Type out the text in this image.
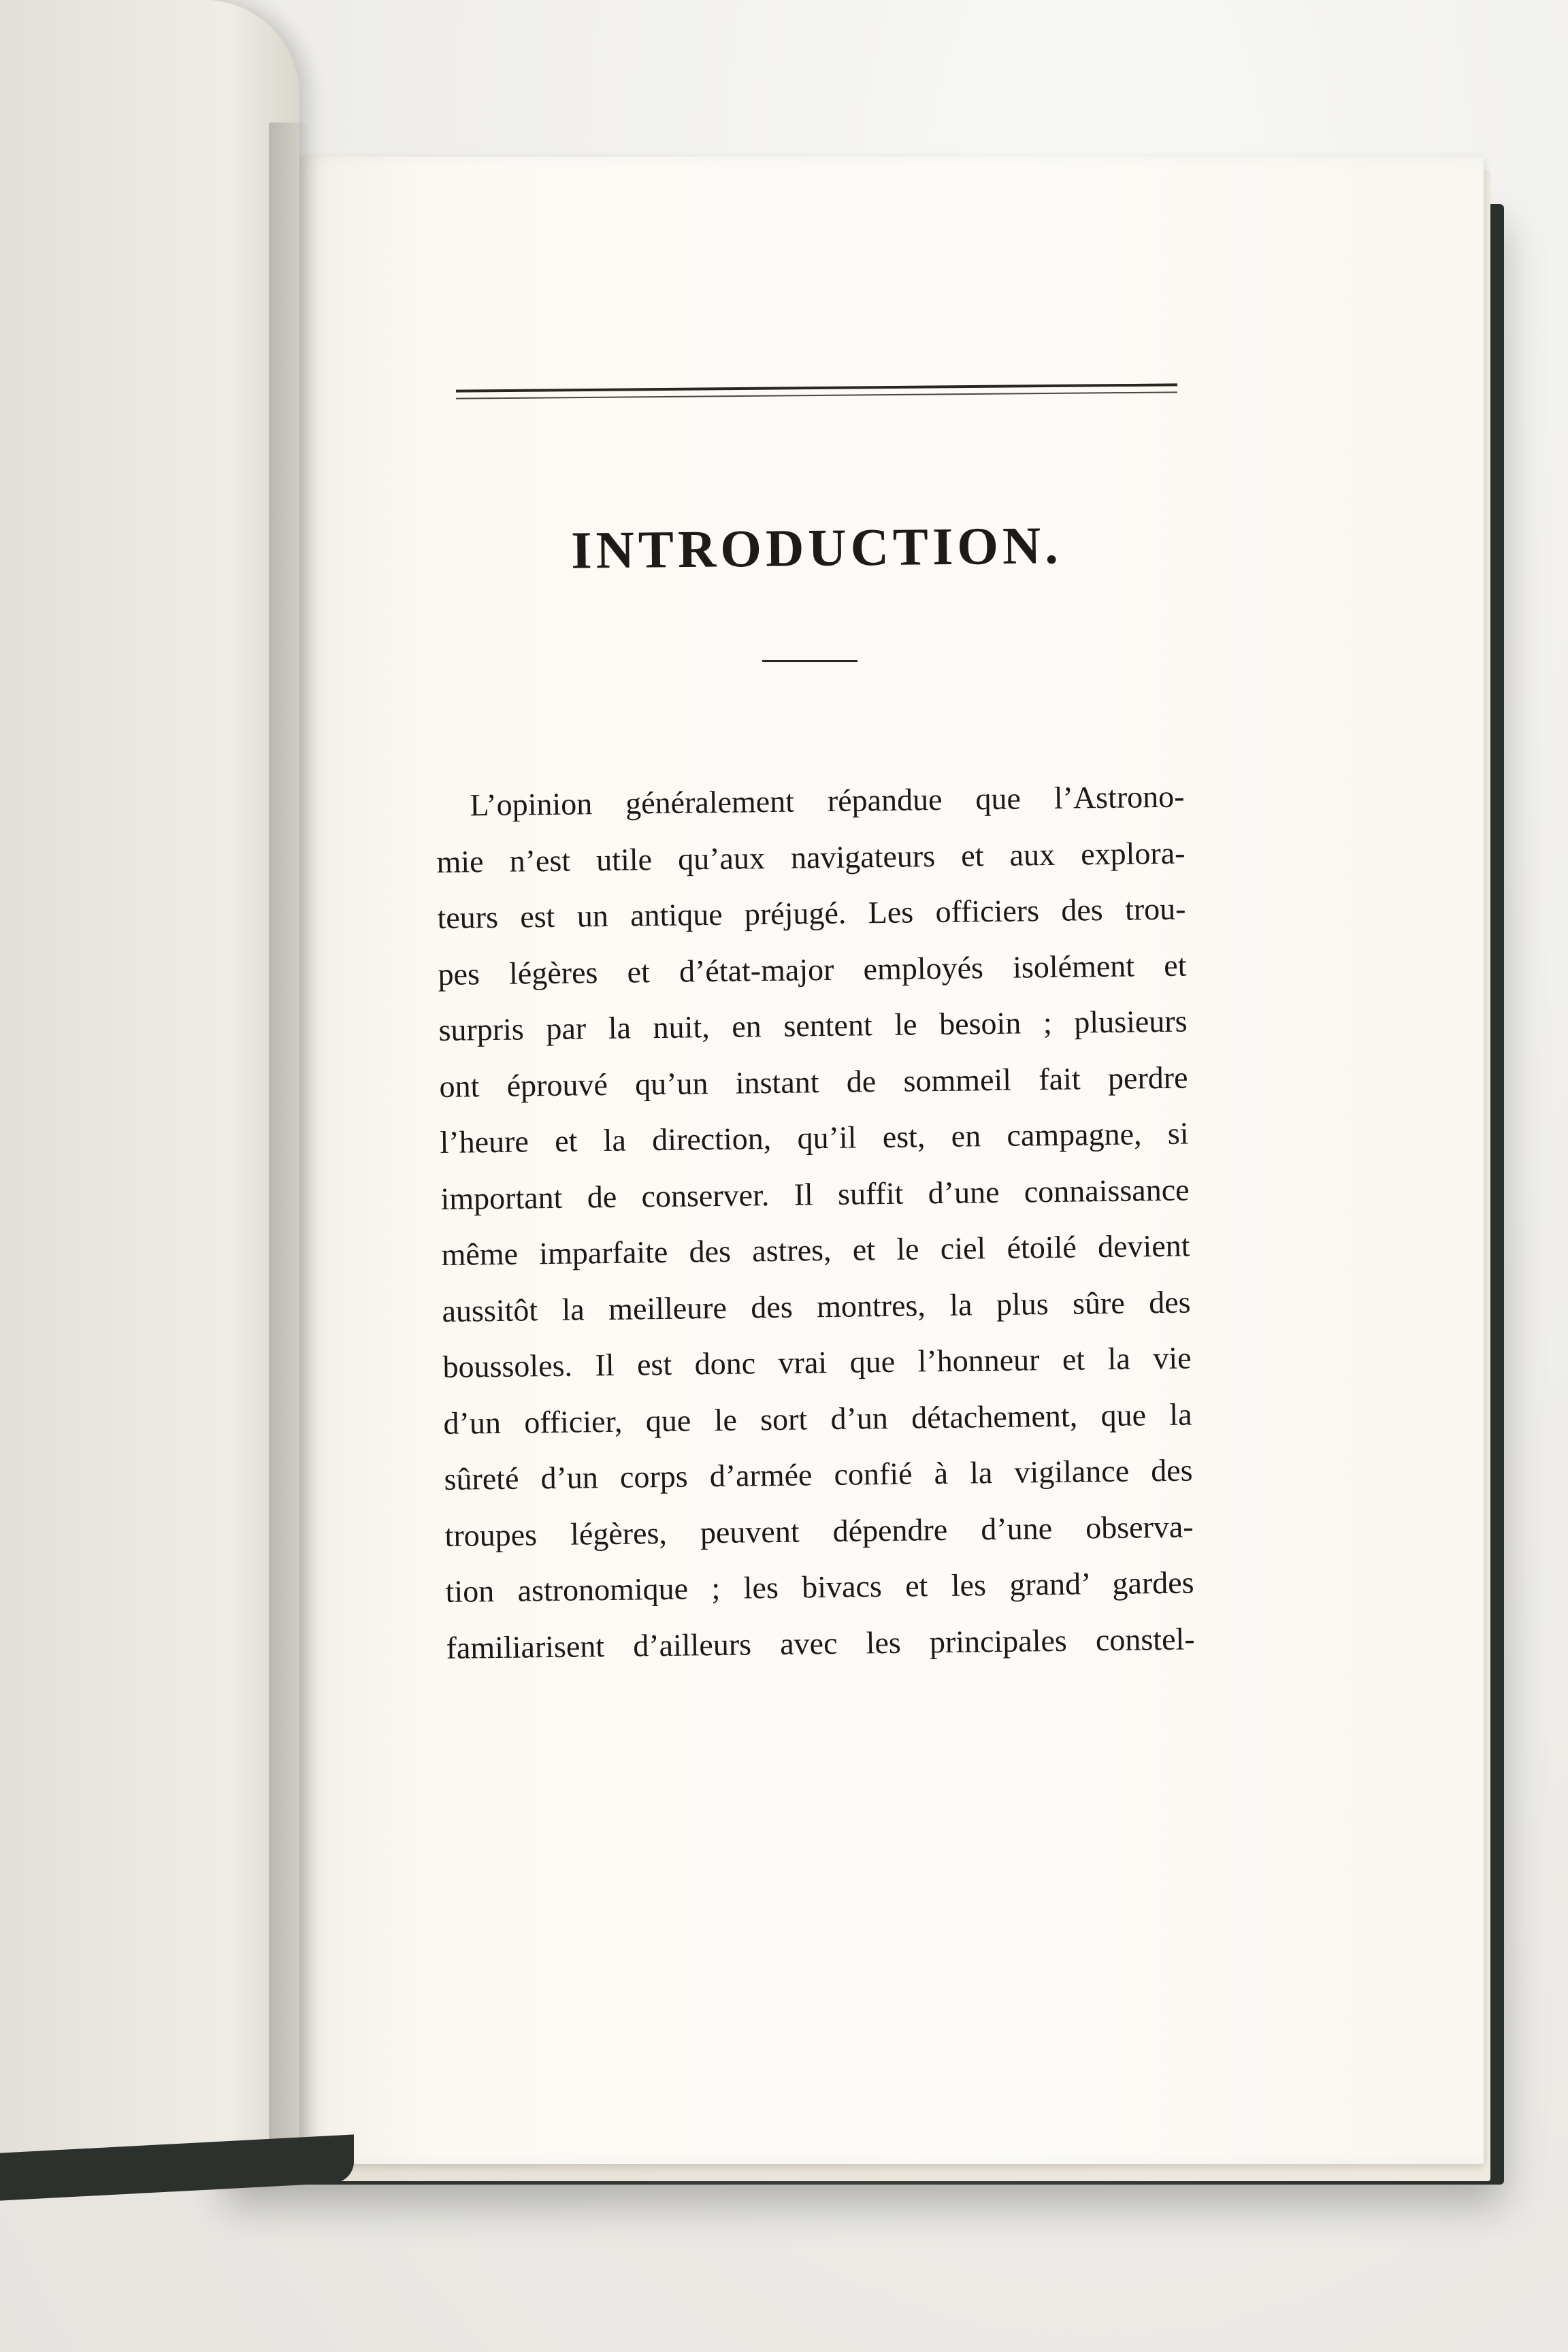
INTRODUCTION.
L’opinion généralement répandue que l’Astrono-
mie n’est utile qu’aux navigateurs et aux explora-
teurs est un antique préjugé. Les officiers des trou-
pes légères et d’état-major employés isolément et
surpris par la nuit, en sentent le besoin ; plusieurs
ont éprouvé qu’un instant de sommeil fait perdre
l’heure et la direction, qu’il est, en campagne, si
important de conserver. Il suffit d’une connaissance
même imparfaite des astres, et le ciel étoilé devient
aussitôt la meilleure des montres, la plus sûre des
boussoles. Il est donc vrai que l’honneur et la vie
d’un officier, que le sort d’un détachement, que la
sûreté d’un corps d’armée confié à la vigilance des
troupes légères, peuvent dépendre d’une observa-
tion astronomique ; les bivacs et les grand’ gardes
familiarisent d’ailleurs avec les principales constel-
